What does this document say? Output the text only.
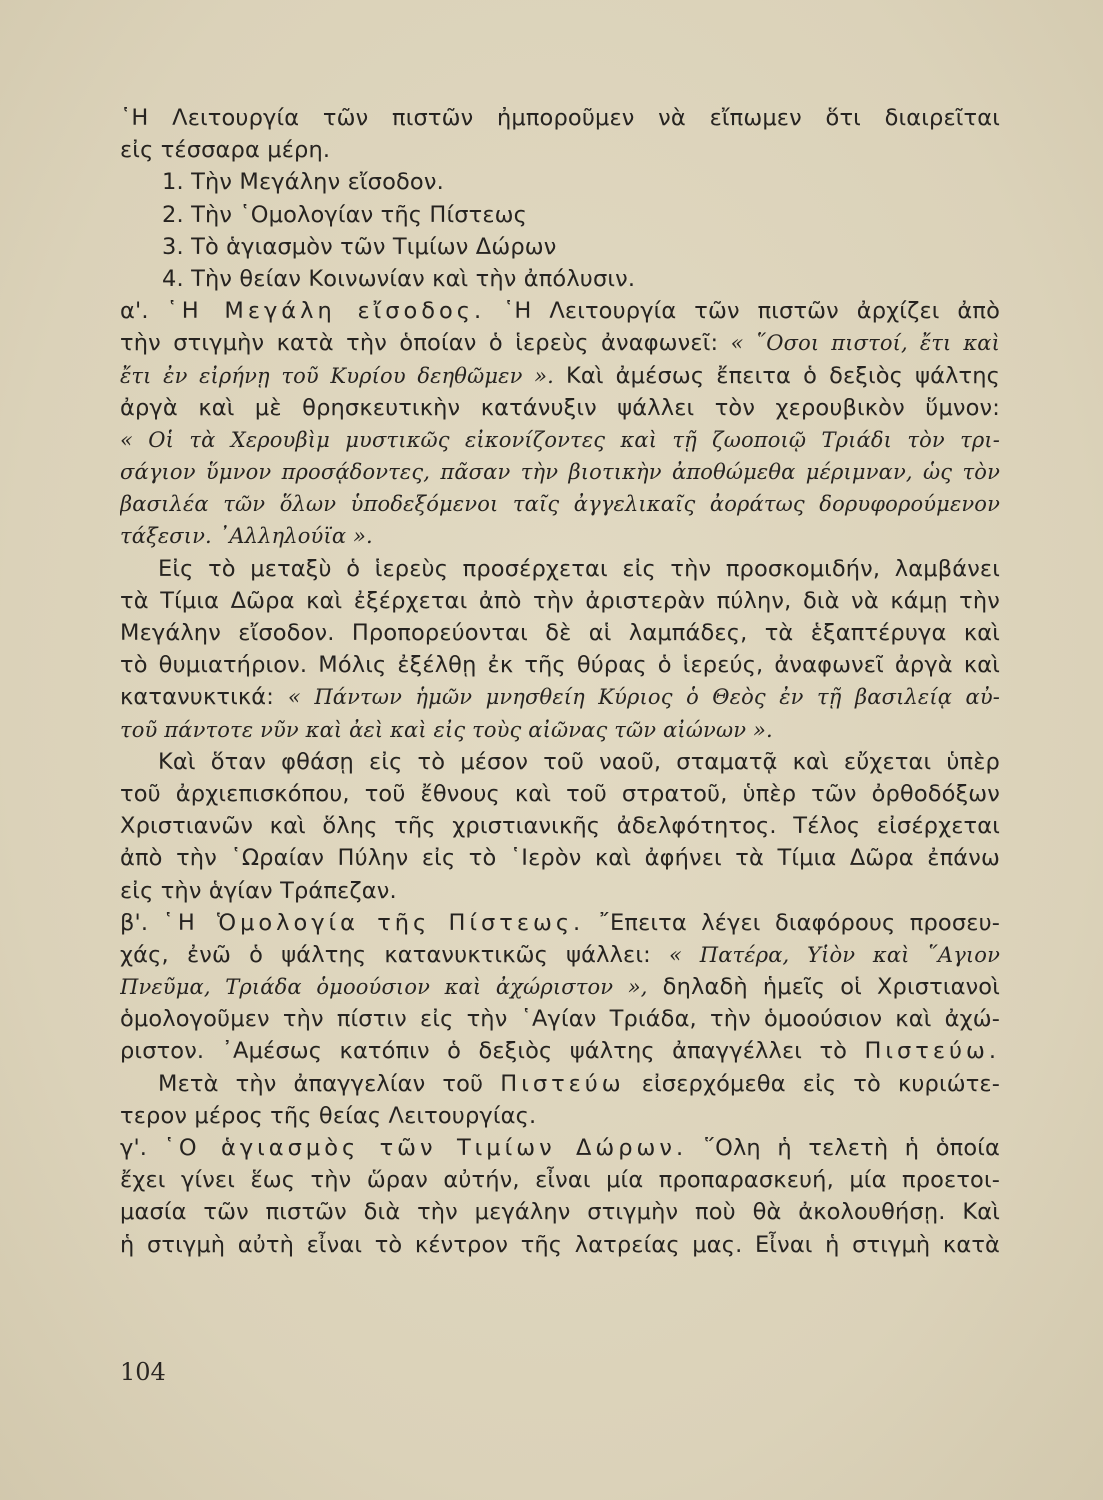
῾Η Λειτουργία τῶν πιστῶν ἠμποροῦμεν νὰ εἴπωμεν ὅτι διαιρεῖται
εἰς τέσσαρα μέρη.
1. Τὴν Μεγάλην εἴσοδον.
2. Τὴν ῾Ομολογίαν τῆς Πίστεως
3. Τὸ ἁγιασμὸν τῶν Τιμίων Δώρων
4. Τὴν θείαν Κοινωνίαν καὶ τὴν ἀπόλυσιν.
α'. ῾Η Μεγάλη εἴσοδος. ῾Η Λειτουργία τῶν πιστῶν ἀρχίζει ἀπὸ
τὴν στιγμὴν κατὰ τὴν ὁποίαν ὁ ἱερεὺς ἀναφωνεῖ: « ῞Οσοι πιστοί, ἔτι καὶ
ἔτι ἐν εἰρήνῃ τοῦ Κυρίου δεηθῶμεν ». Καὶ ἀμέσως ἔπειτα ὁ δεξιὸς ψάλτης
ἀργὰ καὶ μὲ θρησκευτικὴν κατάνυξιν ψάλλει τὸν χερουβικὸν ὕμνον:
« Οἱ τὰ Χερουβὶμ μυστικῶς εἰκονίζοντες καὶ τῇ ζωοποιῷ Τριάδι τὸν τρι-
σάγιον ὕμνον προσᾴδοντες, πᾶσαν τὴν βιοτικὴν ἀποθώμεθα μέριμναν, ὡς τὸν
βασιλέα τῶν ὅλων ὑποδεξόμενοι ταῖς ἀγγελικαῖς ἀοράτως δορυφορούμενον
τάξεσιν. ᾿Αλληλούϊα ».
Εἰς τὸ μεταξὺ ὁ ἱερεὺς προσέρχεται εἰς τὴν προσκομιδήν, λαμβάνει
τὰ Τίμια Δῶρα καὶ ἐξέρχεται ἀπὸ τὴν ἀριστερὰν πύλην, διὰ νὰ κάμῃ τὴν
Μεγάλην εἴσοδον. Προπορεύονται δὲ αἱ λαμπάδες, τὰ ἑξαπτέρυγα καὶ
τὸ θυμιατήριον. Μόλις ἐξέλθῃ ἐκ τῆς θύρας ὁ ἱερεύς, ἀναφωνεῖ ἀργὰ καὶ
κατανυκτικά: « Πάντων ἡμῶν μνησθείη Κύριος ὁ Θεὸς ἐν τῇ βασιλείᾳ αὐ-
τοῦ πάντοτε νῦν καὶ ἀεὶ καὶ εἰς τοὺς αἰῶνας τῶν αἰώνων ».
Καὶ ὅταν φθάσῃ εἰς τὸ μέσον τοῦ ναοῦ, σταματᾷ καὶ εὔχεται ὑπὲρ
τοῦ ἀρχιεπισκόπου, τοῦ ἔθνους καὶ τοῦ στρατοῦ, ὑπὲρ τῶν ὀρθοδόξων
Χριστιανῶν καὶ ὅλης τῆς χριστιανικῆς ἀδελφότητος. Τέλος εἰσέρχεται
ἀπὸ τὴν ῾Ωραίαν Πύλην εἰς τὸ ῾Ιερὸν καὶ ἀφήνει τὰ Τίμια Δῶρα ἐπάνω
εἰς τὴν ἁγίαν Τράπεζαν.
β'. ῾Η Ὁμολογία τῆς Πίστεως. ῎Επειτα λέγει διαφόρους προσευ-
χάς, ἐνῶ ὁ ψάλτης κατανυκτικῶς ψάλλει: « Πατέρα, Υἱὸν καὶ ῞Αγιον
Πνεῦμα, Τριάδα ὁμοούσιον καὶ ἀχώριστον », δηλαδὴ ἡμεῖς οἱ Χριστιανοὶ
ὁμολογοῦμεν τὴν πίστιν εἰς τὴν ῾Αγίαν Τριάδα, τὴν ὁμοούσιον καὶ ἀχώ-
ριστον. ᾿Αμέσως κατόπιν ὁ δεξιὸς ψάλτης ἀπαγγέλλει τὸ Πιστεύω.
Μετὰ τὴν ἀπαγγελίαν τοῦ Πιστεύω εἰσερχόμεθα εἰς τὸ κυριώτε-
τερον μέρος τῆς θείας Λειτουργίας.
γ'. ῾Ο ἁγιασμὸς τῶν Τιμίων Δώρων. ῞Ολη ἡ τελετὴ ἡ ὁποία
ἔχει γίνει ἕως τὴν ὥραν αὐτήν, εἶναι μία προπαρασκευή, μία προετοι-
μασία τῶν πιστῶν διὰ τὴν μεγάλην στιγμὴν ποὺ θὰ ἀκολουθήσῃ. Καὶ
ἡ στιγμὴ αὐτὴ εἶναι τὸ κέντρον τῆς λατρείας μας. Εἶναι ἡ στιγμὴ κατὰ
104
